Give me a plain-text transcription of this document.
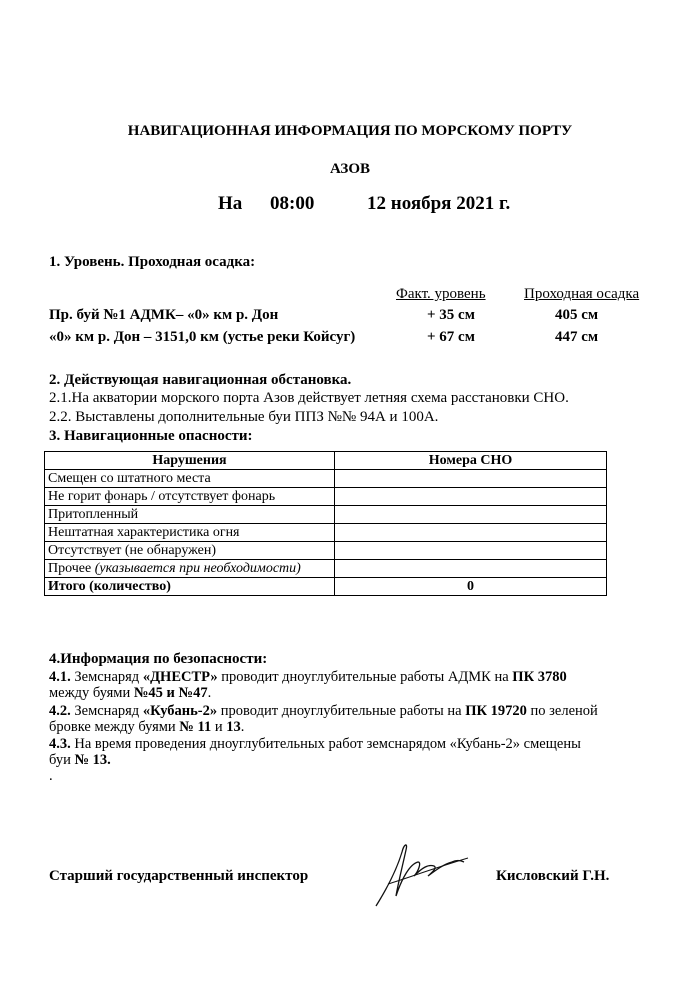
НАВИГАЦИОННАЯ ИНФОРМАЦИЯ ПО МОРСКОМУ ПОРТУ
АЗОВ
На 08:00	12 ноября 2021 г.
1. Уровень. Проходная осадка:
Факт. уровень	Проходная осадка
Пр. буй №1 АДМК– «0» км р. Дон	+ 35 см	405 см
«0» км р. Дон – 3151,0 км (устье реки Койсуг)	+ 67 см	447 см
2. Действующая навигационная обстановка.
2.1.На акватории морского порта Азов действует летняя схема расстановки СНО.
2.2. Выставлены дополнительные буи ППЗ №№ 94А и 100А.
3. Навигационные опасности:
Нарушения	Номера СНО
Смещен со штатного места	
Не горит фонарь / отсутствует фонарь	
Притопленный	
Нештатная характеристика огня	
Отсутствует (не обнаружен)	
Прочее (указывается при необходимости)	
Итого (количество)	0
4.Информация по безопасности:
4.1. Земснаряд «ДНЕСТР» проводит дноуглубительные работы АДМК на ПК 3780
между буями №45 и №47.
4.2. Земснаряд «Кубань-2» проводит дноуглубительные работы на ПК 19720 по зеленой
бровке между буями № 11 и 13.
4.3. На время проведения дноуглубительных работ земснарядом «Кубань-2» смещены
буи № 13.
.
Старший государственный инспектор	Кисловский Г.Н.
